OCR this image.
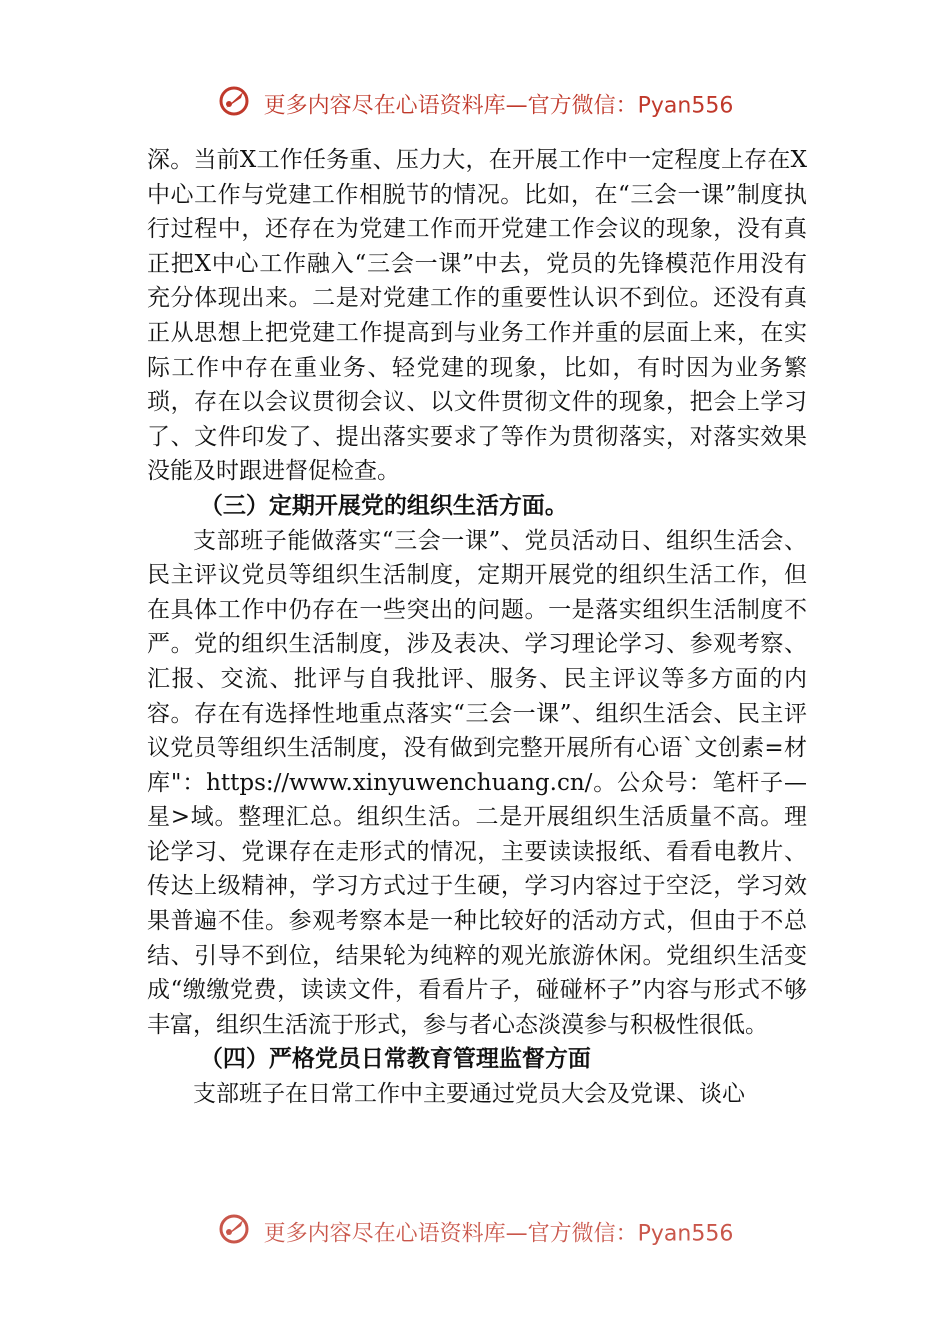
更多内容尽在心语资料库—官方微信：Pyan556

深。当前X工作任务重、压力大，在开展工作中一定程度上存在X中心工作与党建工作相脱节的情况。比如，在“三会一课”制度执行过程中，还存在为党建工作而开党建工作会议的现象，没有真正把X中心工作融入“三会一课”中去，党员的先锋模范作用没有充分体现出来。二是对党建工作的重要性认识不到位。还没有真正从思想上把党建工作提高到与业务工作并重的层面上来，在实际工作中存在重业务、轻党建的现象，比如，有时因为业务繁琐，存在以会议贯彻会议、以文件贯彻文件的现象，把会上学习了、文件印发了、提出落实要求了等作为贯彻落实，对落实效果没能及时跟进督促检查。

（三）定期开展党的组织生活方面。

支部班子能做落实“三会一课”、党员活动日、组织生活会、民主评议党员等组织生活制度，定期开展党的组织生活工作，但在具体工作中仍存在一些突出的问题。一是落实组织生活制度不严。党的组织生活制度，涉及表决、学习理论学习、参观考察、汇报、交流、批评与自我批评、服务、民主评议等多方面的内容。存在有选择性地重点落实“三会一课”、组织生活会、民主评议党员等组织生活制度，没有做到完整开展所有心语`文创素=材库"：https://www.xinyuwenchuang.cn/。公众号：笔杆子—星>域。整理汇总。组织生活。二是开展组织生活质量不高。理论学习、党课存在走形式的情况，主要读读报纸、看看电教片、传达上级精神，学习方式过于生硬，学习内容过于空泛，学习效果普遍不佳。参观考察本是一种比较好的活动方式，但由于不总结、引导不到位，结果轮为纯粹的观光旅游休闲。党组织生活变成“缴缴党费，读读文件，看看片子，碰碰杯子”内容与形式不够丰富，组织生活流于形式，参与者心态淡漠参与积极性很低。

（四）严格党员日常教育管理监督方面

支部班子在日常工作中主要通过党员大会及党课、谈心

更多内容尽在心语资料库—官方微信：Pyan556
